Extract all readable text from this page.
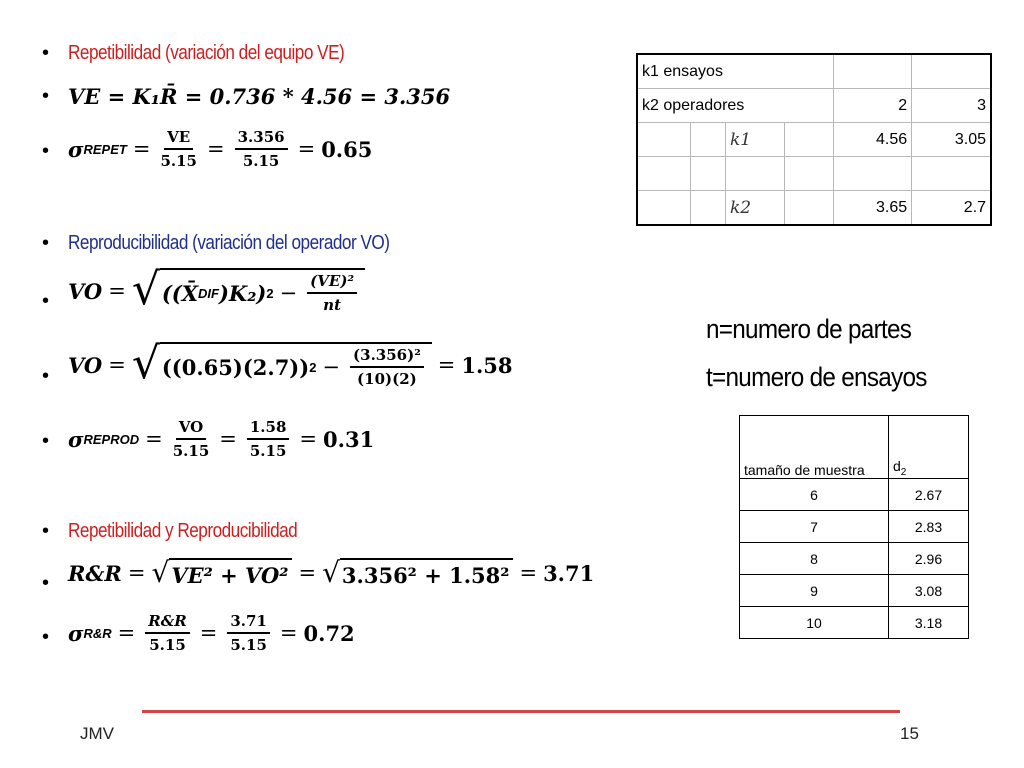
• Repetibilidad (variación del equipo VE)
• VE = K₁R̄ = 0.736 * 4.56 = 3.356
• σ REPET = $\frac{VE}{5.15} = \frac{3.356}{5.15} = 0.65$
• Reproducibilidad (variación del operador VO)
• VO = √ ((X̄ DIF )K₂) $2 - \frac{\text{(VE)²}}{nt}$
• VO = √ ((0.65)(2.7)) $2 - \frac{\text{(3.356)²}}{(10)(2)} = 1.58$
• σ REPROD = $\frac{VO}{5.15} = \frac{1.58}{5.15} = 0.31$
• Repetibilidad y Reproducibilidad
• R&R = √ VE² + VO² = √ 3.356² + 1.58² = 3.71
• σ R&R = $\frac{R\&R}{5.15} = \frac{3.71}{5.15} = 0.72$
k1 ensayos					
k2 operadores				2	3
		k1		4.56	3.05

		k2		3.65	2.7
n=numero de partes
t=numero de ensayos
tamaño de muestra	$d_2$
6	2.67
7	2.83
8	2.96
9	3.08
10	3.18
JMV	15
